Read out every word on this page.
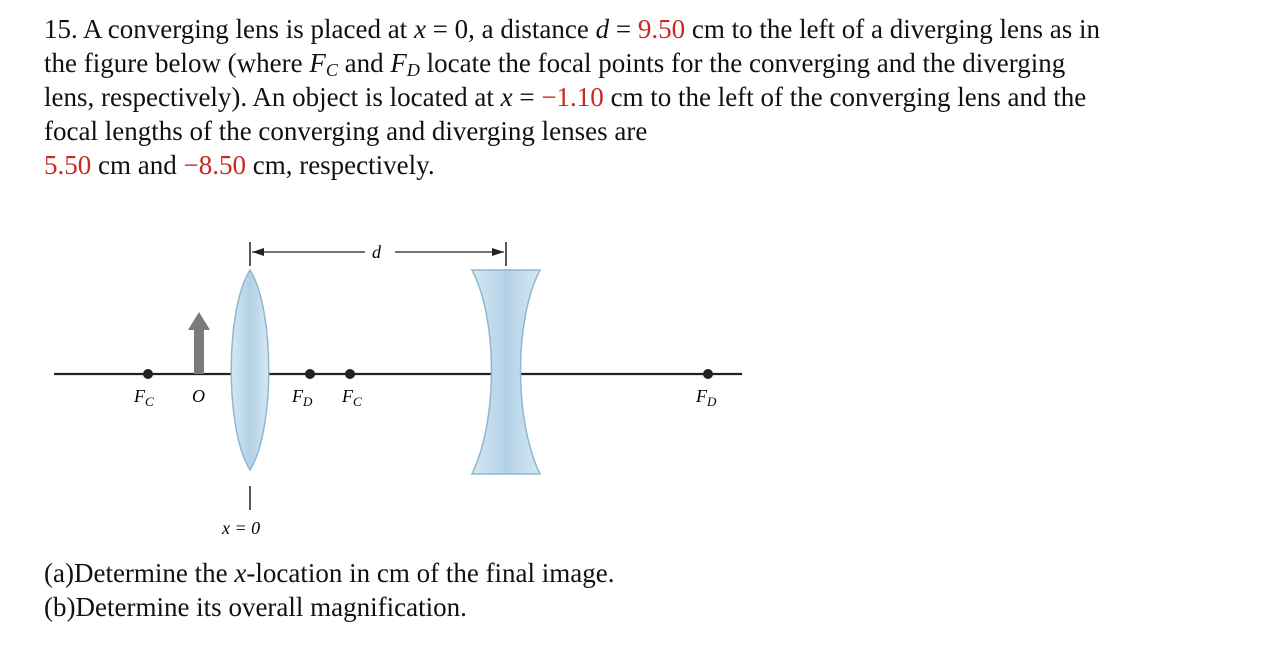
15. A converging lens is placed at x = 0, a distance d = 9.50 cm to the left of a diverging lens as in

the figure below (where $F_C$ and $F_D$ locate the focal points for the converging and the diverging

lens, respectively). An object is located at x = −1.10 cm to the left of the converging lens and the

focal lengths of the converging and diverging lenses are

5.50 cm and −8.50 cm, respectively.

d
$F_C$ O	$F_D$ $F_C$	$F_D$
x = 0

(a)Determine the x-location in cm of the final image.

(b)Determine its overall magnification.
